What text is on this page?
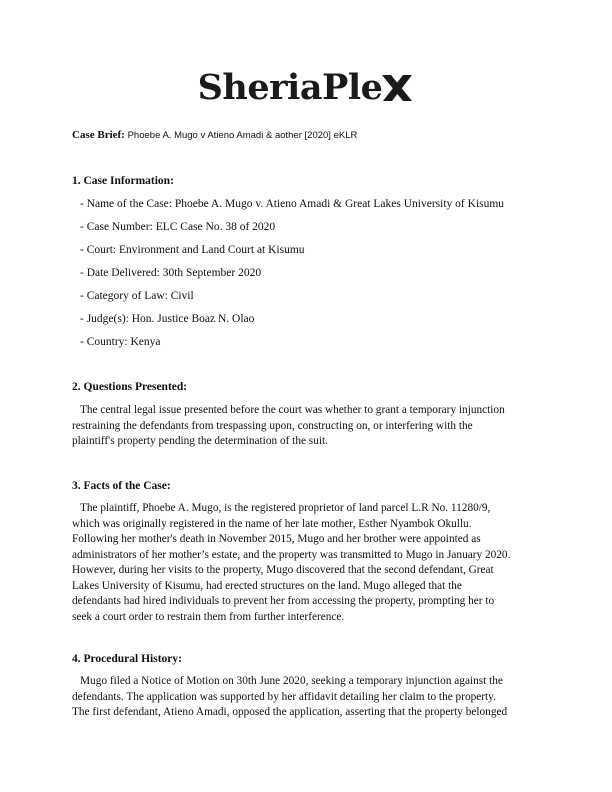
SheriaPle
Case Brief: Phoebe A. Mugo v Atieno Amadi & aother [2020] eKLR
1. Case Information:
- Name of the Case: Phoebe A. Mugo v. Atieno Amadi & Great Lakes University of Kisumu
- Case Number: ELC Case No. 38 of 2020
- Court: Environment and Land Court at Kisumu
- Date Delivered: 30th September 2020
- Category of Law: Civil
- Judge(s): Hon. Justice Boaz N. Olao
- Country: Kenya
2. Questions Presented:

The central legal issue presented before the court was whether to grant a temporary injunction

restraining the defendants from trespassing upon, constructing on, or interfering with the

plaintiff's property pending the determination of the suit.

3. Facts of the Case:

The plaintiff, Phoebe A. Mugo, is the registered proprietor of land parcel L.R No. 11280/9,

which was originally registered in the name of her late mother, Esther Nyambok Okullu.

Following her mother's death in November 2015, Mugo and her brother were appointed as

administrators of her mother’s estate, and the property was transmitted to Mugo in January 2020.

However, during her visits to the property, Mugo discovered that the second defendant, Great

Lakes University of Kisumu, had erected structures on the land. Mugo alleged that the

defendants had hired individuals to prevent her from accessing the property, prompting her to

seek a court order to restrain them from further interference.

4. Procedural History:

Mugo filed a Notice of Motion on 30th June 2020, seeking a temporary injunction against the

defendants. The application was supported by her affidavit detailing her claim to the property.

The first defendant, Atieno Amadi, opposed the application, asserting that the property belonged
